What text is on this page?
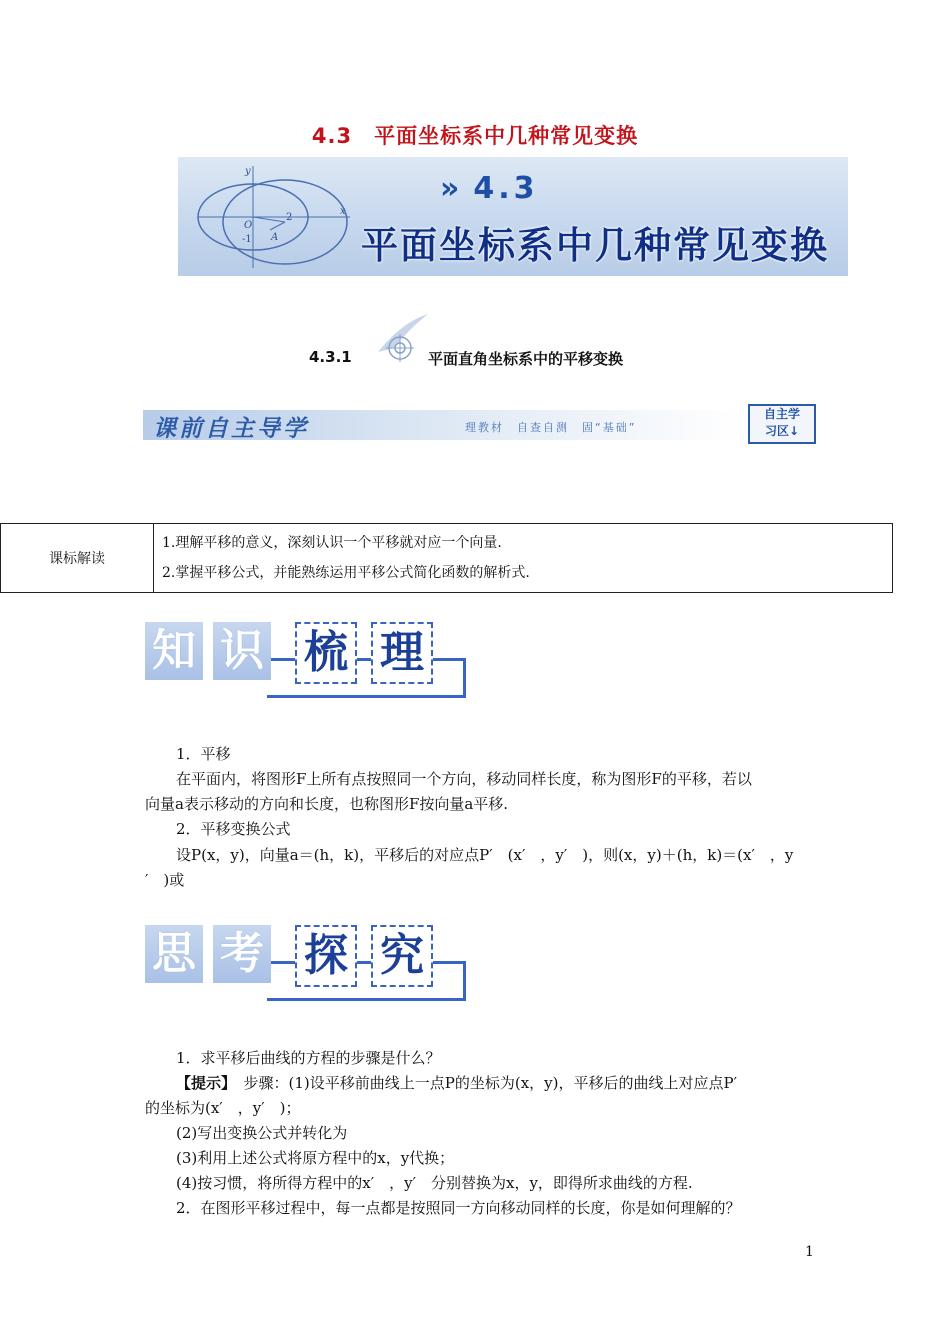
4.3　平面坐标系中几种常见变换
y
x
O
-1
2
A
» 4.3
平面坐标系中几种常见变换
4.3.1	平面直角坐标系中的平移变换
课前自主导学	理教材　自查自测　固“基础”
自主学
习区↓
课标解读	
1.理解平移的意义，深刻认识一个平移就对应一个向量.
2.掌握平移公式，并能熟练运用平移公式简化函数的解析式.
知 识 梳 理
1．平移
在平面内，将图形F上所有点按照同一个方向，移动同样长度，称为图形F的平移，若以
向量a表示移动的方向和长度，也称图形F按向量a平移.
2．平移变换公式
设P(x，y)，向量a＝(h，k)，平移后的对应点P′　(x′　，y′　)，则(x，y)＋(h，k)＝(x′　，y
′　)或
思 考 探 究
1．求平移后曲线的方程的步骤是什么？
【提示】　步骤：(1)设平移前曲线上一点P的坐标为(x，y)，平移后的曲线上对应点P′
的坐标为(x′　，y′　)；
(2)写出变换公式并转化为
(3)利用上述公式将原方程中的x，y代换；
(4)按习惯，将所得方程中的x′　，y′　分别替换为x，y，即得所求曲线的方程.
2．在图形平移过程中，每一点都是按照同一方向移动同样的长度，你是如何理解的？
1
